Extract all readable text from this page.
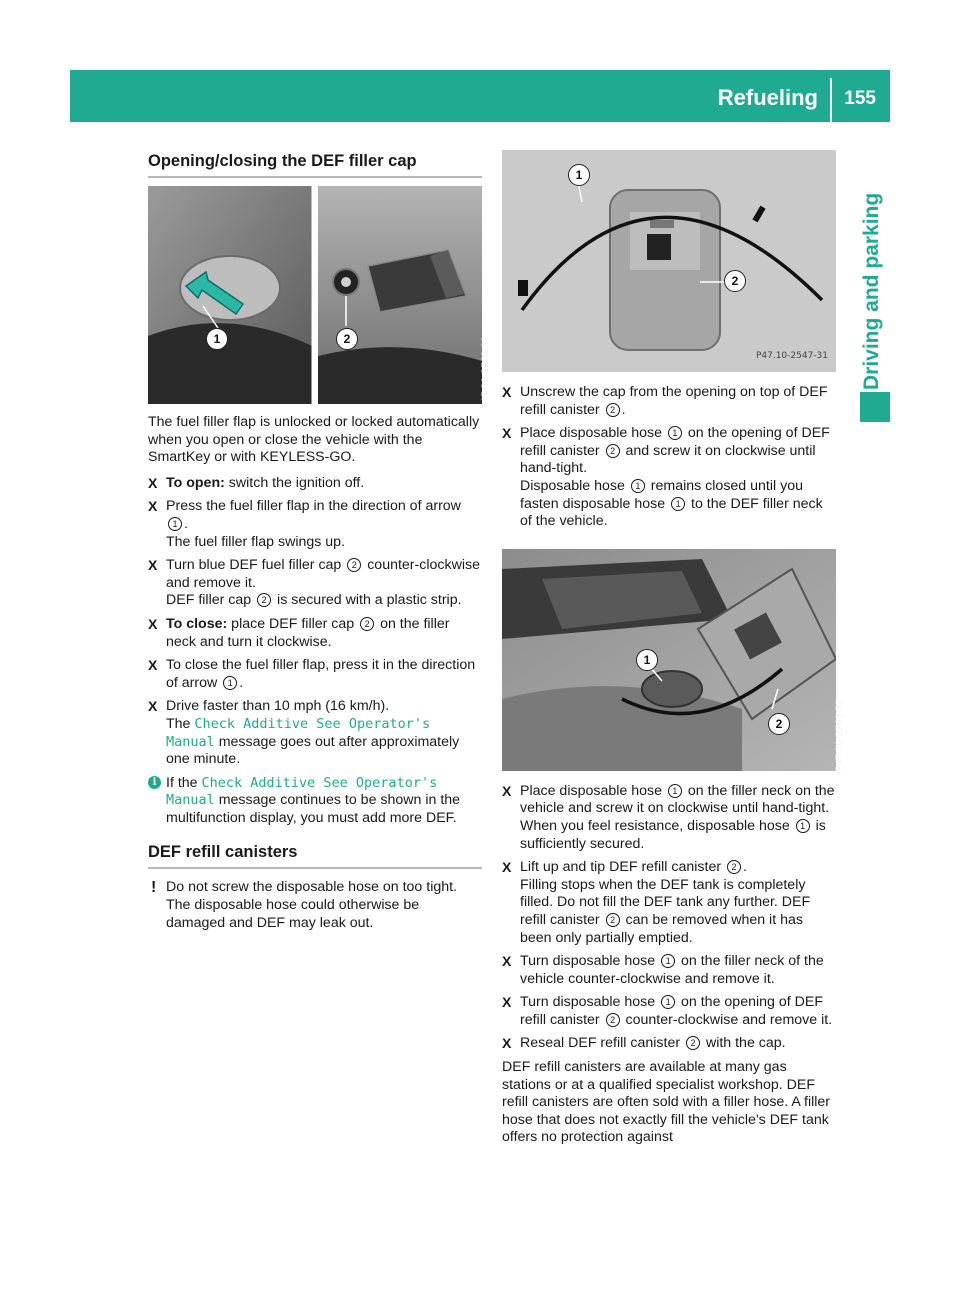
Refueling 155
Driving and parking
Opening/closing the DEF filler cap
1	2	P47.10-2762-31

The fuel filler flap is unlocked or locked automatically when you open or close the vehicle with the SmartKey or with KEYLESS-GO.

X To open: switch the ignition off.
X Press the fuel filler flap in the direction of arrow 1 .
The fuel filler flap swings up.
X Turn blue DEF fuel filler cap 2 counter-clockwise and remove it.
DEF filler cap 2 is secured with a plastic strip.
X To close: place DEF filler cap 2 on the filler neck and turn it clockwise.
X To close the fuel filler flap, press it in the direction of arrow 1 .
X Drive faster than 10 mph (16 km/h).
The Check Additive See Operator's Manual message goes out after approximately one minute.
i If the Check Additive See Operator's Manual message continues to be shown in the multifunction display, you must add more DEF.
DEF refill canisters
! Do not screw the disposable hose on too tight. The disposable hose could otherwise be damaged and DEF may leak out.
1
2
P47.10-2547-31
X Unscrew the cap from the opening on top of DEF refill canister 2 .
X Place disposable hose 1 on the opening of DEF refill canister 2 and screw it on clockwise until hand-tight.
Disposable hose 1 remains closed until you fasten disposable hose 1 to the DEF filler neck of the vehicle.
1
2	P47.10-2763-31
X Place disposable hose 1 on the filler neck on the vehicle and screw it on clockwise until hand-tight. When you feel resistance, disposable hose 1 is sufficiently secured.
X Lift up and tip DEF refill canister 2 .
Filling stops when the DEF tank is completely filled. Do not fill the DEF tank any further. DEF refill canister 2 can be removed when it has been only partially emptied.
X Turn disposable hose 1 on the filler neck of the vehicle counter-clockwise and remove it.
X Turn disposable hose 1 on the opening of DEF refill canister 2 counter-clockwise and remove it.
X Reseal DEF refill canister 2 with the cap.

DEF refill canisters are available at many gas stations or at a qualified specialist workshop. DEF refill canisters are often sold with a filler hose. A filler hose that does not exactly fill the vehicle's DEF tank offers no protection against
